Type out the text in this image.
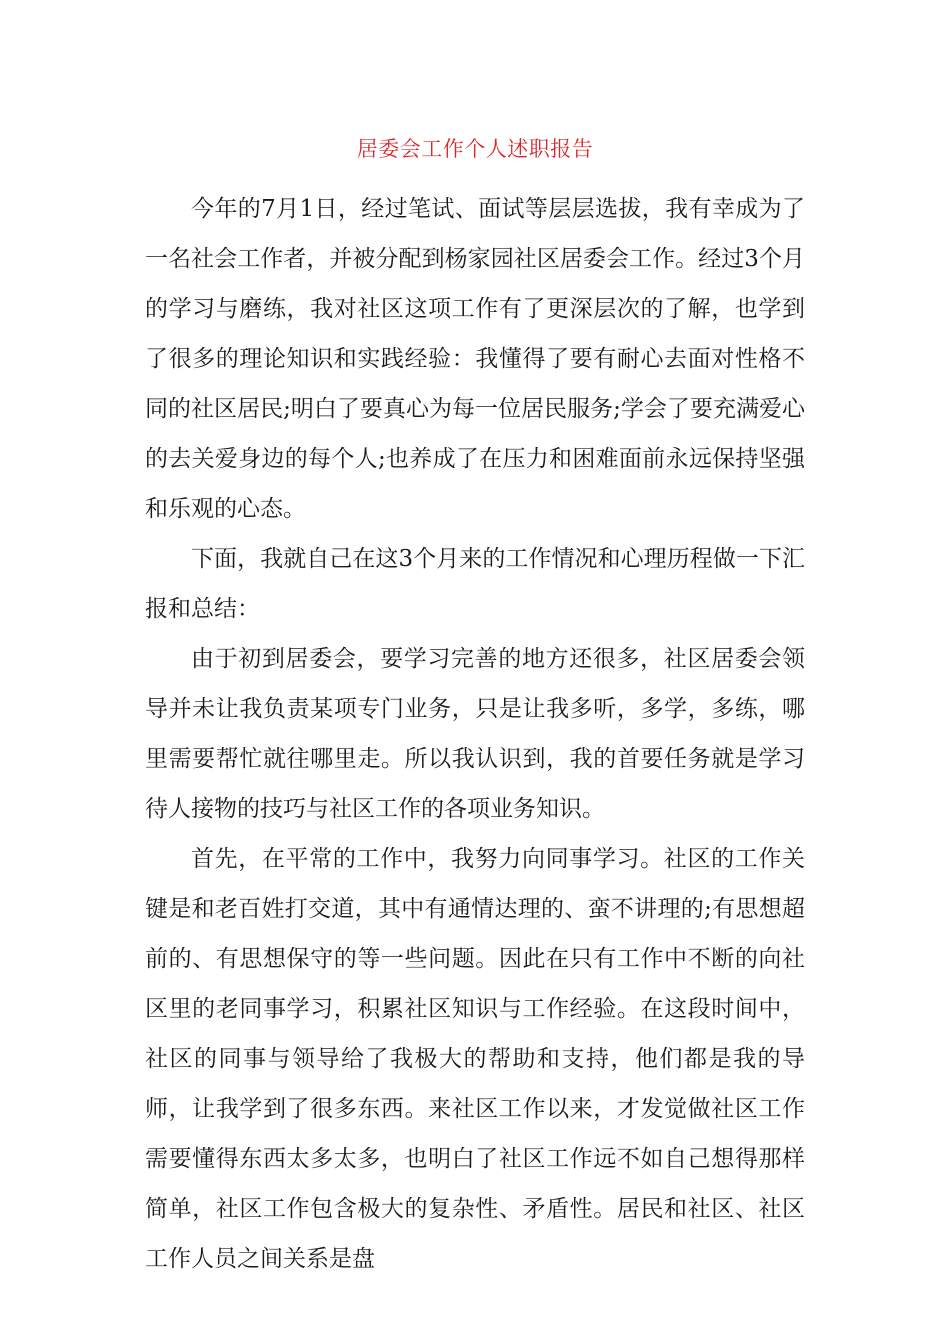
居委会工作个人述职报告

今年的7月1日，经过笔试、面试等层层选拔，我有幸成为了一名社会工作者，并被分配到杨家园社区居委会工作。经过3个月的学习与磨练，我对社区这项工作有了更深层次的了解，也学到了很多的理论知识和实践经验：我懂得了要有耐心去面对性格不同的社区居民;明白了要真心为每一位居民服务;学会了要充满爱心的去关爱身边的每个人;也养成了在压力和困难面前永远保持坚强和乐观的心态。

下面，我就自己在这3个月来的工作情况和心理历程做一下汇报和总结：

由于初到居委会，要学习完善的地方还很多，社区居委会领导并未让我负责某项专门业务，只是让我多听，多学，多练，哪里需要帮忙就往哪里走。所以我认识到，我的首要任务就是学习待人接物的技巧与社区工作的各项业务知识。

首先，在平常的工作中，我努力向同事学习。社区的工作关键是和老百姓打交道，其中有通情达理的、蛮不讲理的;有思想超前的、有思想保守的等一些问题。因此在只有工作中不断的向社区里的老同事学习，积累社区知识与工作经验。在这段时间中，社区的同事与领导给了我极大的帮助和支持，他们都是我的导师，让我学到了很多东西。来社区工作以来，才发觉做社区工作需要懂得东西太多太多，也明白了社区工作远不如自己想得那样简单，社区工作包含极大的复杂性、矛盾性。居民和社区、社区工作人员之间关系是盘
